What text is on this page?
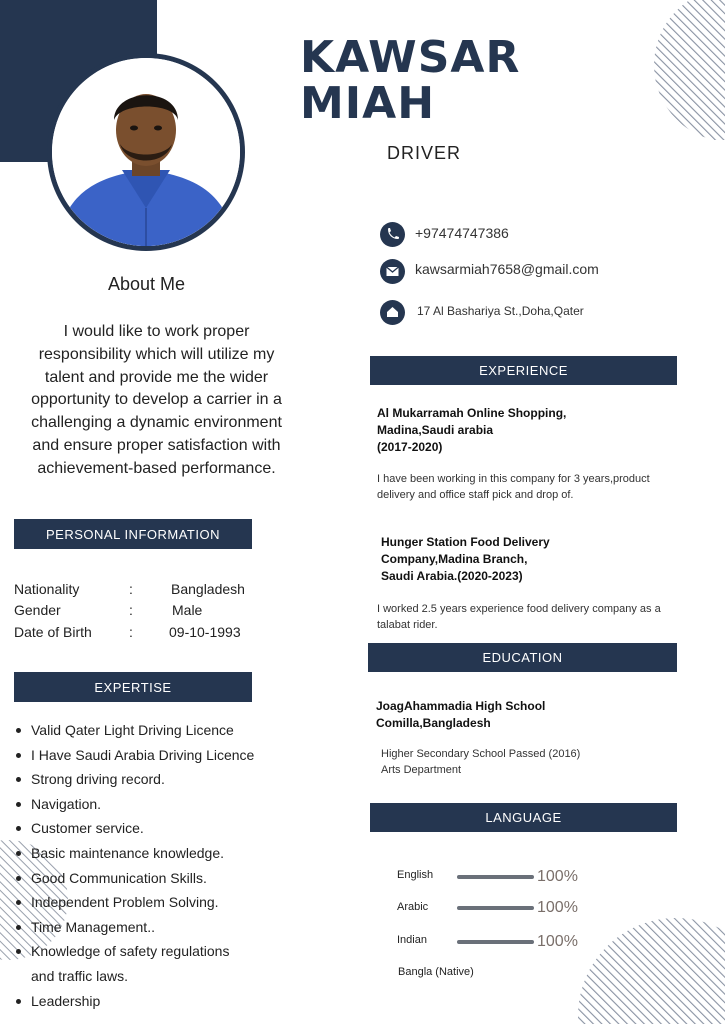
KAWSAR
MIAH
DRIVER
+97474747386
kawsarmiah7658@gmail.com
17 Al Bashariya St.,Doha,Qater
About Me
I would like to work proper
responsibility which will utilize my
talent and provide me the wider
opportunity to develop a carrier in a
challenging a dynamic environment
and ensure proper satisfaction with
achievement-based performance.
PERSONAL INFORMATION
Nationality	:	Bangladesh
Gender	:	Male
Date of Birth	:	09-10-1993
EXPERTISE
Valid Qater Light Driving Licence
I Have Saudi Arabia Driving Licence
Strong driving record.
Navigation.
Customer service.
Basic maintenance knowledge.
Good Communication Skills.
Independent Problem Solving.
Time Management..
Knowledge of safety regulations
and traffic laws.
Leadership
EXPERIENCE
Al Mukarramah Online Shopping,
Madina,Saudi arabia
(2017-2020)
I have been working in this company for 3 years,product
delivery and office staff pick and drop of.
Hunger Station Food Delivery
Company,Madina Branch,
Saudi Arabia.(2020-2023)
I worked 2.5 years experience food delivery company as a
talabat rider.
EDUCATION
JoagAhammadia High School
Comilla,Bangladesh
Higher Secondary School Passed (2016)
Arts Department
LANGUAGE
English	100%
Arabic	100%
Indian	100%
Bangla (Native)
